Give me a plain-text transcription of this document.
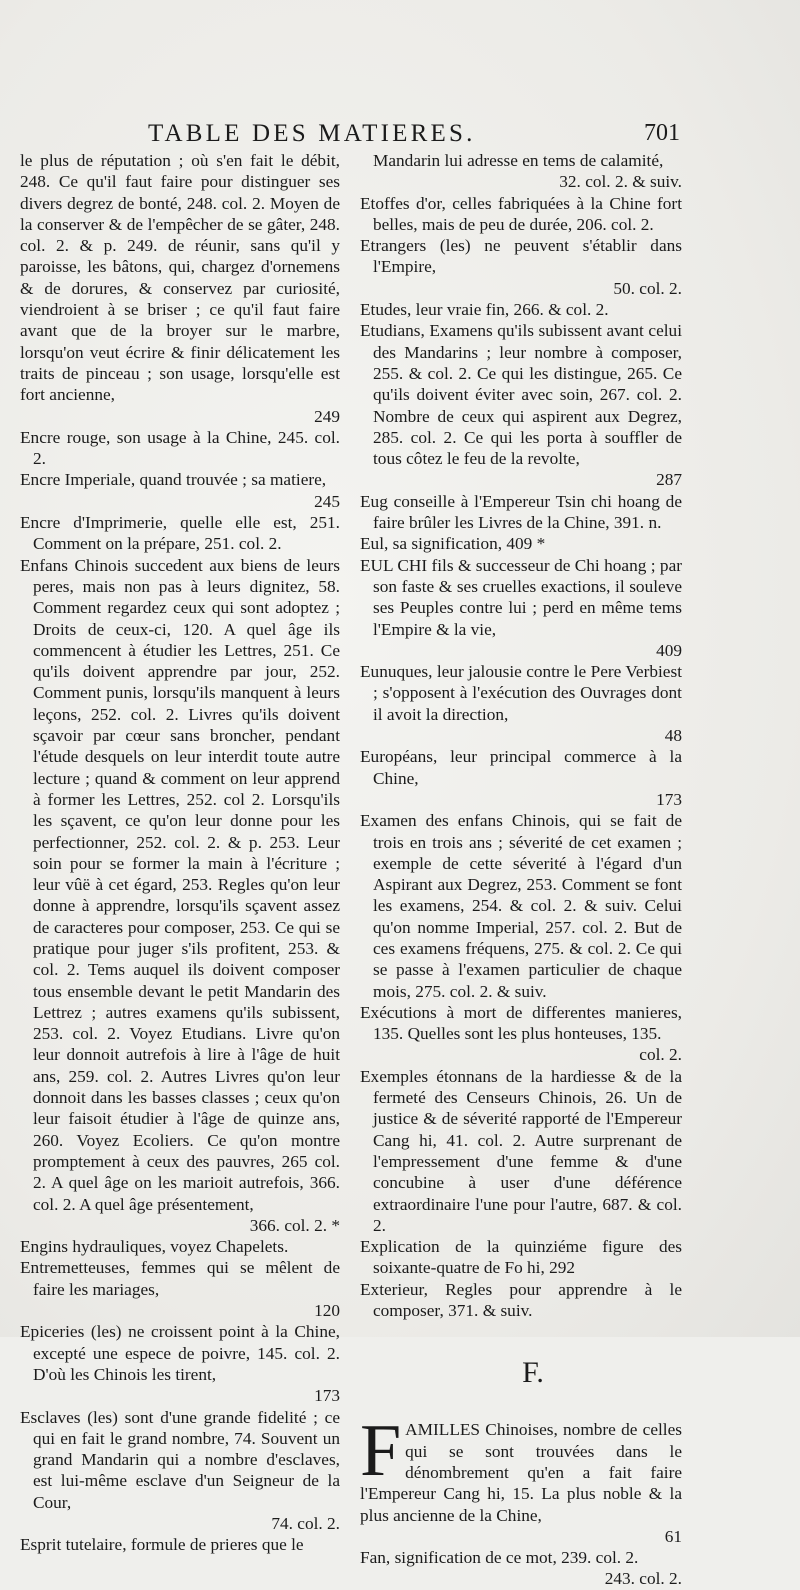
TABLE DES MATIERES.	701

le plus de réputation ; où s'en fait le débit, 248. Ce qu'il faut faire pour distinguer ses divers degrez de bonté, 248. col. 2. Moyen de la conserver & de l'empêcher de se gâter, 248. col. 2. & p. 249. de réunir, sans qu'il y paroisse, les bâtons, qui, chargez d'ornemens & de dorures, & conservez par curiosité, viendroient à se briser ; ce qu'il faut faire avant que de la broyer sur le marbre, lorsqu'on veut écrire & finir délicatement les traits de pinceau ; son usage, lorsqu'elle est fort ancienne,

249

Encre rouge, son usage à la Chine, 245. col. 2.

Encre Imperiale, quand trouvée ; sa matiere,

245

Encre d'Imprimerie, quelle elle est, 251. Comment on la prépare, 251. col. 2.

Enfans Chinois succedent aux biens de leurs peres, mais non pas à leurs dignitez, 58. Comment regardez ceux qui sont adoptez ; Droits de ceux-ci, 120. A quel âge ils commencent à étudier les Lettres, 251. Ce qu'ils doivent apprendre par jour, 252. Comment punis, lorsqu'ils manquent à leurs leçons, 252. col. 2. Livres qu'ils doivent sçavoir par cœur sans broncher, pendant l'étude desquels on leur interdit toute autre lecture ; quand & comment on leur apprend à former les Lettres, 252. col 2. Lorsqu'ils les sçavent, ce qu'on leur donne pour les perfectionner, 252. col. 2. & p. 253. Leur soin pour se former la main à l'écriture ; leur vûë à cet égard, 253. Regles qu'on leur donne à apprendre, lorsqu'ils sçavent assez de caracteres pour composer, 253. Ce qui se pratique pour juger s'ils profitent, 253. & col. 2. Tems auquel ils doivent composer tous ensemble devant le petit Mandarin des Lettrez ; autres examens qu'ils subissent, 253. col. 2. Voyez Etudians. Livre qu'on leur donnoit autrefois à lire à l'âge de huit ans, 259. col. 2. Autres Livres qu'on leur donnoit dans les basses classes ; ceux qu'on leur faisoit étudier à l'âge de quinze ans, 260. Voyez Ecoliers. Ce qu'on montre promptement à ceux des pauvres, 265 col. 2. A quel âge on les marioit autrefois, 366. col. 2. A quel âge présentement,

366. col. 2. *

Engins hydrauliques, voyez Chapelets.

Entremetteuses, femmes qui se mêlent de faire les mariages,

120

Epiceries (les) ne croissent point à la Chine, excepté une espece de poivre, 145. col. 2. D'où les Chinois les tirent,

173

Esclaves (les) sont d'une grande fidelité ; ce qui en fait le grand nombre, 74. Souvent un grand Mandarin qui a nombre d'esclaves, est lui-même esclave d'un Seigneur de la Cour,

74. col. 2.

Esprit tutelaire, formule de prieres que le

Mandarin lui adresse en tems de calamité,

32. col. 2. & suiv.

Etoffes d'or, celles fabriquées à la Chine fort belles, mais de peu de durée, 206. col. 2.

Etrangers (les) ne peuvent s'établir dans l'Empire,

50. col. 2.

Etudes, leur vraie fin, 266. & col. 2.

Etudians, Examens qu'ils subissent avant celui des Mandarins ; leur nombre à composer, 255. & col. 2. Ce qui les distingue, 265. Ce qu'ils doivent éviter avec soin, 267. col. 2. Nombre de ceux qui aspirent aux Degrez, 285. col. 2. Ce qui les porta à souffler de tous côtez le feu de la revolte,

287

Eug conseille à l'Empereur Tsin chi hoang de faire brûler les Livres de la Chine, 391. n.

Eul, sa signification, 409 *

EUL CHI fils & successeur de Chi hoang ; par son faste & ses cruelles exactions, il souleve ses Peuples contre lui ; perd en même tems l'Empire & la vie,

409

Eunuques, leur jalousie contre le Pere Verbiest ; s'opposent à l'exécution des Ouvrages dont il avoit la direction,

48

Européans, leur principal commerce à la Chine,

173

Examen des enfans Chinois, qui se fait de trois en trois ans ; séverité de cet examen ; exemple de cette séverité à l'égard d'un Aspirant aux Degrez, 253. Comment se font les examens, 254. & col. 2. & suiv. Celui qu'on nomme Imperial, 257. col. 2. But de ces examens fréquens, 275. & col. 2. Ce qui se passe à l'examen particulier de chaque mois, 275. col. 2. & suiv.

Exécutions à mort de differentes manieres, 135. Quelles sont les plus honteuses, 135.

col. 2.

Exemples étonnans de la hardiesse & de la fermeté des Censeurs Chinois, 26. Un de justice & de séverité rapporté de l'Empereur Cang hi, 41. col. 2. Autre surprenant de l'empressement d'une femme & d'une concubine à user d'une déférence extraordinaire l'une pour l'autre, 687. & col. 2.

Explication de la quinziéme figure des soixante-quatre de Fo hi, 292

Exterieur, Regles pour apprendre à le composer, 371. & suiv.

F.
F AMILLES Chinoises, nombre de celles qui se sont trouvées dans le dénombrement qu'en a fait faire l'Empereur Cang hi, 15. La plus noble & la plus ancienne de la Chine,

61

Fan, signification de ce mot, 239. col. 2.

243. col. 2.
